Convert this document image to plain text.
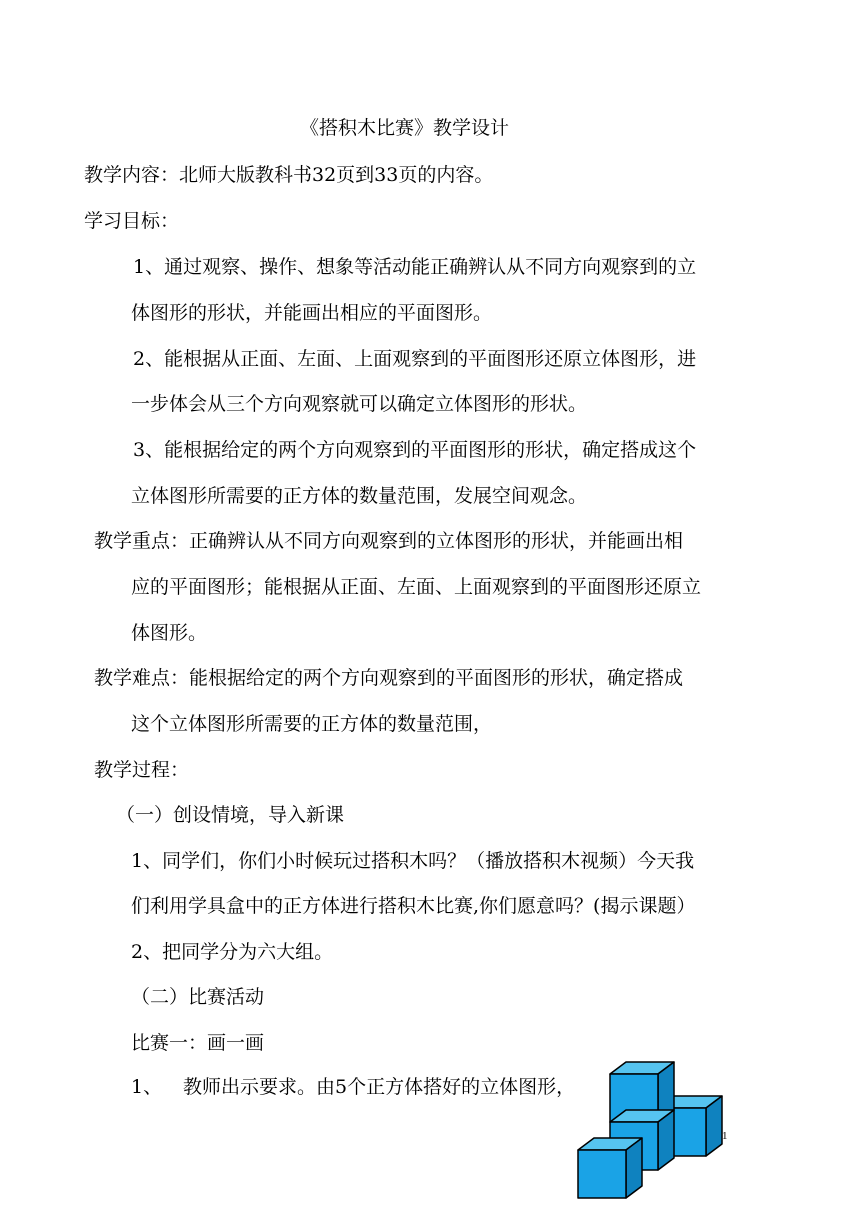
《搭积木比赛》教学设计
教学内容：北师大版教科书32页到33页的内容。
学习目标：
1、通过观察、操作、想象等活动能正确辨认从不同方向观察到的立
体图形的形状，并能画出相应的平面图形。
2、能根据从正面、左面、上面观察到的平面图形还原立体图形，进
一步体会从三个方向观察就可以确定立体图形的形状。
3、能根据给定的两个方向观察到的平面图形的形状，确定搭成这个
立体图形所需要的正方体的数量范围，发展空间观念。
教学重点：正确辨认从不同方向观察到的立体图形的形状，并能画出相
应的平面图形；能根据从正面、左面、上面观察到的平面图形还原立
体图形。
教学难点：能根据给定的两个方向观察到的平面图形的形状，确定搭成
这个立体图形所需要的正方体的数量范围，
教学过程：
（一）创设情境，导入新课
1、同学们，你们小时候玩过搭积木吗？（播放搭积木视频）今天我
们利用学具盒中的正方体进行搭积木比赛,你们愿意吗？(揭示课题）
2、把同学分为六大组。
（二）比赛活动
比赛一：画一画
1、 教师出示要求。由5个正方体搭好的立体图形，
1
